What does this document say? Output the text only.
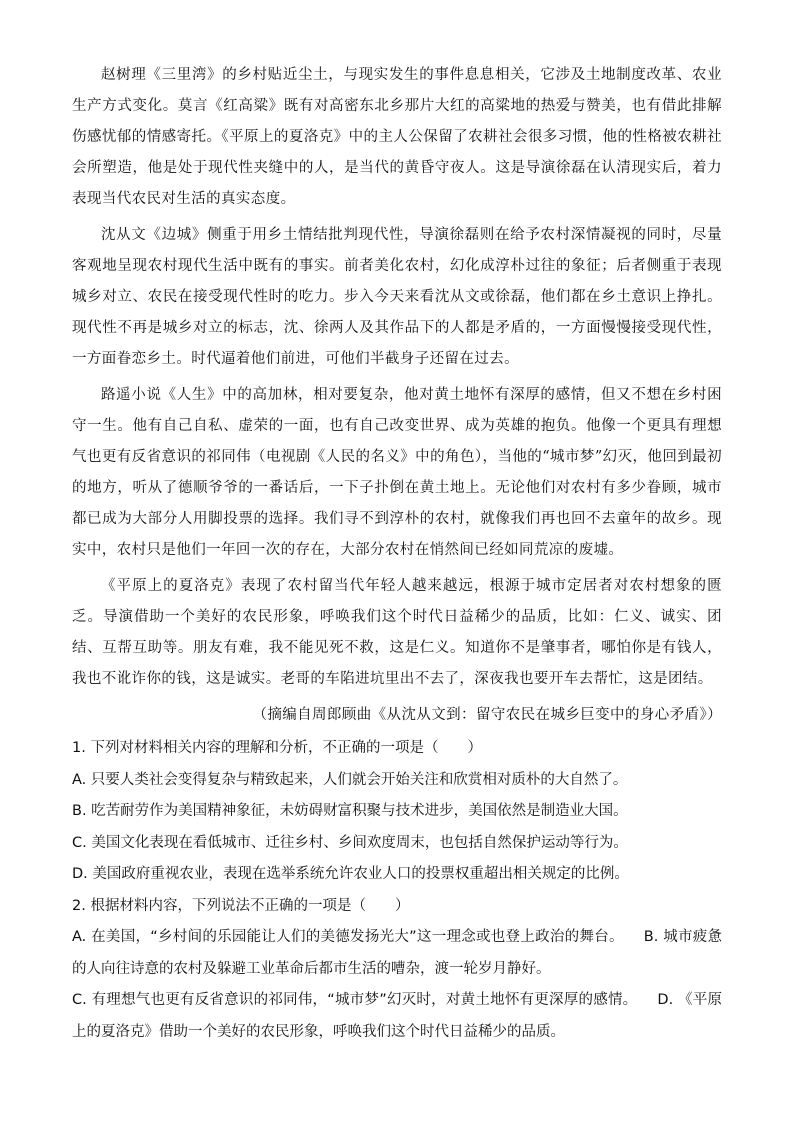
赵树理《三里湾》的乡村贴近尘土，与现实发生的事件息息相关，它涉及土地制度改革、农业生产方式变化。莫言《红高粱》既有对高密东北乡那片大红的高粱地的热爱与赞美，也有借此排解伤感忧郁的情感寄托。《平原上的夏洛克》中的主人公保留了农耕社会很多习惯，他的性格被农耕社会所塑造，他是处于现代性夹缝中的人，是当代的黄昏守夜人。这是导演徐磊在认清现实后，着力表现当代农民对生活的真实态度。

沈从文《边城》侧重于用乡土情结批判现代性，导演徐磊则在给予农村深情凝视的同时，尽量客观地呈现农村现代生活中既有的事实。前者美化农村，幻化成淳朴过往的象征；后者侧重于表现城乡对立、农民在接受现代性时的吃力。步入今天来看沈从文或徐磊，他们都在乡土意识上挣扎。现代性不再是城乡对立的标志，沈、徐两人及其作品下的人都是矛盾的，一方面慢慢接受现代性，一方面眷恋乡土。时代逼着他们前进，可他们半截身子还留在过去。

路遥小说《人生》中的高加林，相对要复杂，他对黄土地怀有深厚的感情，但又不想在乡村困守一生。他有自己自私、虚荣的一面，也有自己改变世界、成为英雄的抱负。他像一个更具有理想气也更有反省意识的祁同伟（电视剧《人民的名义》中的角色），当他的“城市梦”幻灭，他回到最初的地方，听从了德顺爷爷的一番话后，一下子扑倒在黄土地上。无论他们对农村有多少眷顾，城市都已成为大部分人用脚投票的选择。我们寻不到淳朴的农村，就像我们再也回不去童年的故乡。现实中，农村只是他们一年回一次的存在，大部分农村在悄然间已经如同荒凉的废墟。

《平原上的夏洛克》表现了农村留当代年轻人越来越远，根源于城市定居者对农村想象的匮乏。导演借助一个美好的农民形象，呼唤我们这个时代日益稀少的品质，比如：仁义、诚实、团结、互帮互助等。朋友有难，我不能见死不救，这是仁义。知道你不是肇事者，哪怕你是有钱人，我也不讹诈你的钱，这是诚实。老哥的车陷进坑里出不去了，深夜我也要开车去帮忙，这是团结。

（摘编自周郎顾曲《从沈从文到：留守农民在城乡巨变中的身心矛盾》）

1. 下列对材料相关内容的理解和分析，不正确的一项是（　　）

A. 只要人类社会变得复杂与精致起来，人们就会开始关注和欣赏相对质朴的大自然了。

B. 吃苦耐劳作为美国精神象征，未妨碍财富积聚与技术进步，美国依然是制造业大国。

C. 美国文化表现在看低城市、迁往乡村、乡间欢度周末，也包括自然保护运动等行为。

D. 美国政府重视农业，表现在选举系统允许农业人口的投票权重超出相关规定的比例。

2. 根据材料内容，下列说法不正确的一项是（　　）

A. 在美国，“乡村间的乐园能让人们的美德发扬光大”这一理念或也登上政治的舞台。 B. 城市疲惫的人向往诗意的农村及躲避工业革命后都市生活的嘈杂，渡一轮岁月静好。

C. 有理想气也更有反省意识的祁同伟，“城市梦”幻灭时，对黄土地怀有更深厚的感情。 D. 《平原上的夏洛克》借助一个美好的农民形象，呼唤我们这个时代日益稀少的品质。
